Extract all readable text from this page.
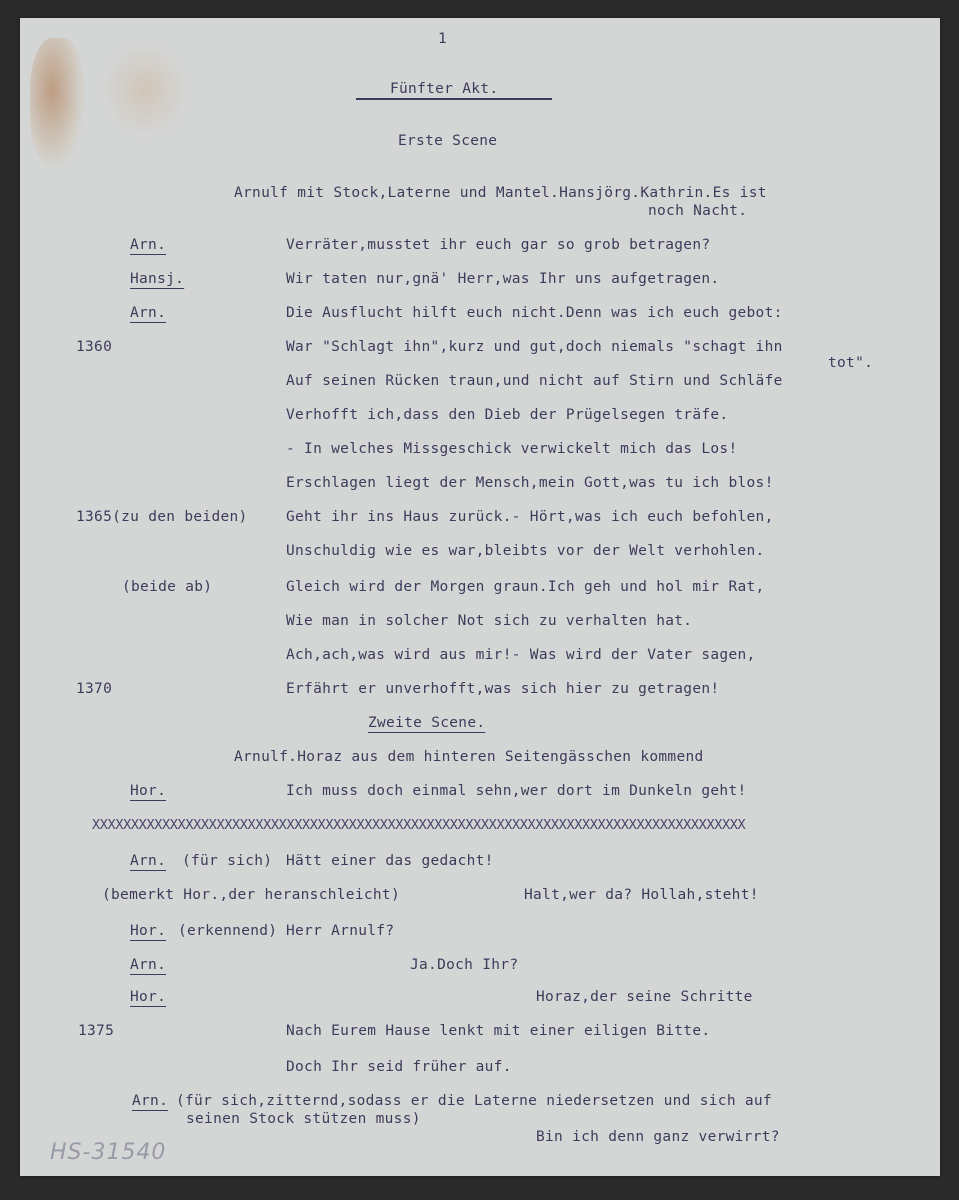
1
Fünfter Akt.
Erste Scene
Arnulf mit Stock,Laterne und Mantel.Hansjörg.Kathrin.Es ist
noch Nacht.
Arn.	Verräter,musstet ihr euch gar so grob betragen?
Hansj.	Wir taten nur,gnä' Herr,was Ihr uns aufgetragen.
Arn.	Die Ausflucht hilft euch nicht.Denn was ich euch gebot:
1360	War "Schlagt ihn",kurz und gut,doch niemals "schagt ihn
tot".
Auf seinen Rücken traun,und nicht auf Stirn und Schläfe
Verhofft ich,dass den Dieb der Prügelsegen träfe.
- In welches Missgeschick verwickelt mich das Los!
Erschlagen liegt der Mensch,mein Gott,was tu ich blos!
1365(zu den beiden)	Geht ihr ins Haus zurück.- Hört,was ich euch befohlen,
Unschuldig wie es war,bleibts vor der Welt verhohlen.
(beide ab)	Gleich wird der Morgen graun.Ich geh und hol mir Rat,
Wie man in solcher Not sich zu verhalten hat.
Ach,ach,was wird aus mir!- Was wird der Vater sagen,
1370	Erfährt er unverhofft,was sich hier zu getragen!
Zweite Scene.
Arnulf.Horaz aus dem hinteren Seitengässchen kommend
Hor.	Ich muss doch einmal sehn,wer dort im Dunkeln geht!
XXXXXXXXXXXXXXXXXXXXXXXXXXXXXXXXXXXXXXXXXXXXXXXXXXXXXXXXXXXXXXXXXXXXXXXXXXXXXXXXXXXX
Arn. (für sich) Hätt einer das gedacht!
(bemerkt Hor.,der heranschleicht)	Halt,wer da? Hollah,steht!
Hor. (erkennend) Herr Arnulf?
Arn.	Ja.Doch Ihr?
Hor.	Horaz,der seine Schritte
1375	Nach Eurem Hause lenkt mit einer eiligen Bitte.
Doch Ihr seid früher auf.
Arn. (für sich,zitternd,sodass er die Laterne niedersetzen und sich auf
seinen Stock stützen muss)
Bin ich denn ganz verwirrt?
HS-31540
